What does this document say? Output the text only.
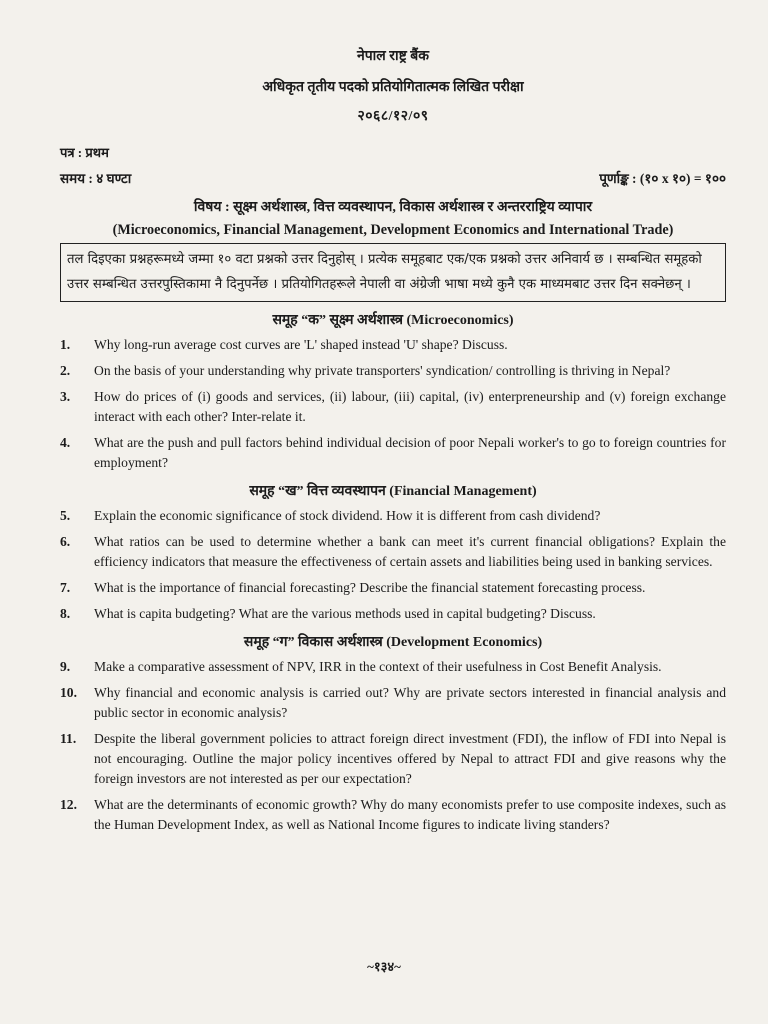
नेपाल राष्ट्र बैंक
अधिकृत तृतीय पदको प्रतियोगितात्मक लिखित परीक्षा
२०६८/१२/०९
पत्र : प्रथम
समय : ४ घण्टा	पूर्णाङ्क : (१० x १०) = १००
विषय : सूक्ष्म अर्थशास्त्र, वित्त व्यवस्थापन, विकास अर्थशास्त्र र अन्तरराष्ट्रिय व्यापार
(Microeconomics, Financial Management, Development Economics and International Trade)
तल दिइएका प्रश्नहरूमध्ये जम्मा १० वटा प्रश्नको उत्तर दिनुहोस् । प्रत्येक समूहबाट एक/एक प्रश्नको उत्तर अनिवार्य छ । सम्बन्धित समूहको उत्तर सम्बन्धित उत्तरपुस्तिकामा नै दिनुपर्नेछ । प्रतियोगितहरूले नेपाली वा अंग्रेजी भाषा मध्ये कुनै एक माध्यमबाट उत्तर दिन सक्नेछन् ।
समूह “क” सूक्ष्म अर्थशास्त्र (Microeconomics)
1.	Why long-run average cost curves are 'L' shaped instead 'U' shape? Discuss.
2.	On the basis of your understanding why private transporters' syndication/ controlling is thriving in Nepal?
3.	How do prices of (i) goods and services, (ii) labour, (iii) capital, (iv) enterpreneurship and (v) foreign exchange interact with each other? Inter-relate it.
4.	What are the push and pull factors behind individual decision of poor Nepali worker's to go to foreign countries for employment?
समूह “ख” वित्त व्यवस्थापन (Financial Management)
5.	Explain the economic significance of stock dividend. How it is different from cash dividend?
6.	What ratios can be used to determine whether a bank can meet it's current financial obligations? Explain the efficiency indicators that measure the effectiveness of certain assets and liabilities being used in banking services.
7.	What is the importance of financial forecasting? Describe the financial statement forecasting process.
8.	What is capita budgeting? What are the various methods used in capital budgeting? Discuss.
समूह “ग” विकास अर्थशास्त्र (Development Economics)
9.	Make a comparative assessment of NPV, IRR in the context of their usefulness in Cost Benefit Analysis.
10.	Why financial and economic analysis is carried out? Why are private sectors interested in financial analysis and public sector in economic analysis?
11.	Despite the liberal government policies to attract foreign direct investment (FDI), the inflow of FDI into Nepal is not encouraging. Outline the major policy incentives offered by Nepal to attract FDI and give reasons why the foreign investors are not interested as per our expectation?
12.	What are the determinants of economic growth? Why do many economists prefer to use composite indexes, such as the Human Development Index, as well as National Income figures to indicate living standers?
~१३४~
